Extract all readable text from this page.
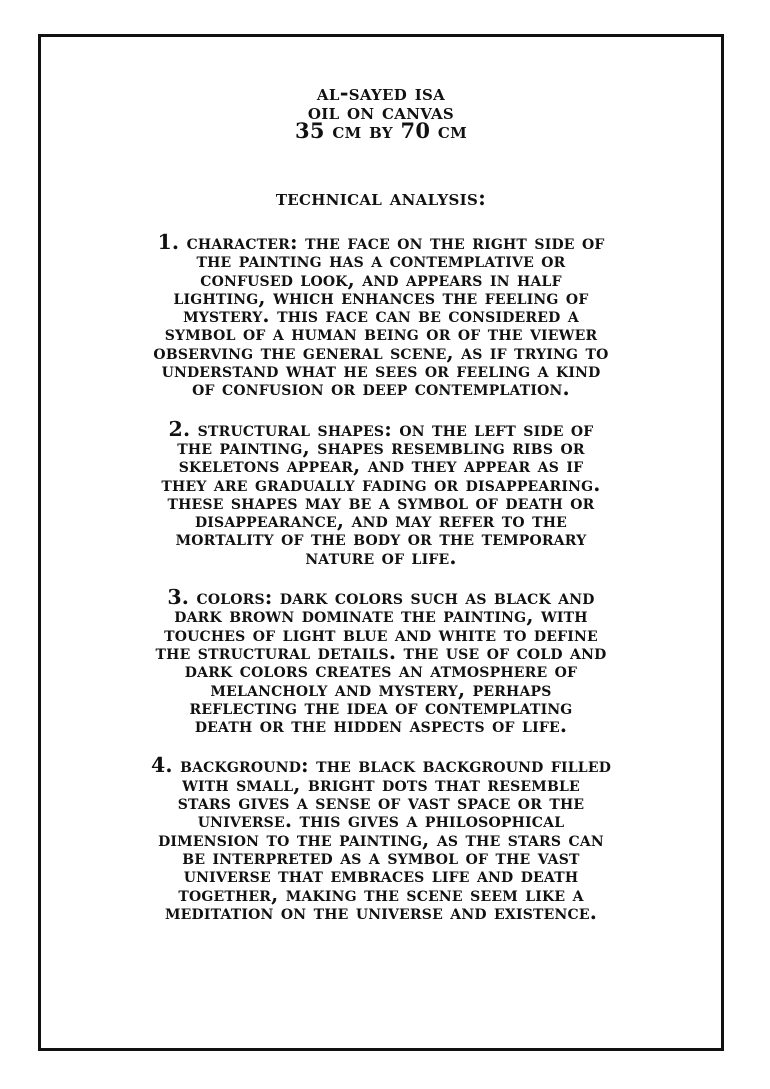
al-sayed isa
oil on canvas
35 cm by 70 cm
technical analysis:
1. character: the face on the right side of
the painting has a contemplative or
confused look, and appears in half
lighting, which enhances the feeling of
mystery. this face can be considered a
symbol of a human being or of the viewer
observing the general scene, as if trying to
understand what he sees or feeling a kind
of confusion or deep contemplation.
2. structural shapes: on the left side of
the painting, shapes resembling ribs or
skeletons appear, and they appear as if
they are gradually fading or disappearing.
these shapes may be a symbol of death or
disappearance, and may refer to the
mortality of the body or the temporary
nature of life.
3. colors: dark colors such as black and
dark brown dominate the painting, with
touches of light blue and white to define
the structural details. the use of cold and
dark colors creates an atmosphere of
melancholy and mystery, perhaps
reflecting the idea of contemplating
death or the hidden aspects of life.
4. background: the black background filled
with small, bright dots that resemble
stars gives a sense of vast space or the
universe. this gives a philosophical
dimension to the painting, as the stars can
be interpreted as a symbol of the vast
universe that embraces life and death
together, making the scene seem like a
meditation on the universe and existence.
